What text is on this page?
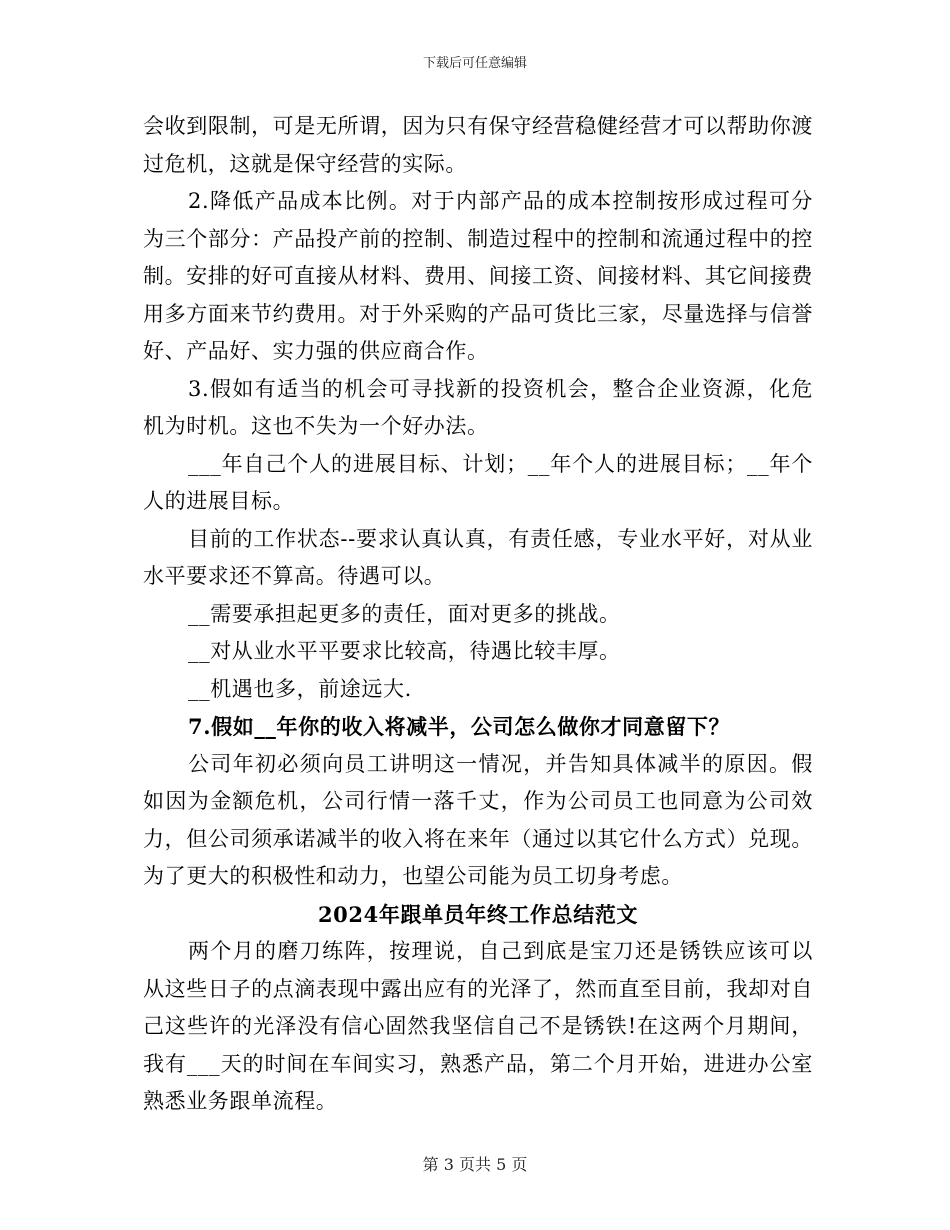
下载后可任意编辑

会收到限制，可是无所谓，因为只有保守经营稳健经营才可以帮助你渡过危机，这就是保守经营的实际。

2.降低产品成本比例。对于内部产品的成本控制按形成过程可分为三个部分：产品投产前的控制、制造过程中的控制和流通过程中的控制。安排的好可直接从材料、费用、间接工资、间接材料、其它间接费用多方面来节约费用。对于外采购的产品可货比三家，尽量选择与信誉好、产品好、实力强的供应商合作。

3.假如有适当的机会可寻找新的投资机会，整合企业资源，化危机为时机。这也不失为一个好办法。

___年自己个人的进展目标、计划；__年个人的进展目标；__年个人的进展目标。

目前的工作状态--要求认真认真，有责任感，专业水平好，对从业水平要求还不算高。待遇可以。

__需要承担起更多的责任，面对更多的挑战。

__对从业水平平要求比较高，待遇比较丰厚。

__机遇也多，前途远大.

7.假如__年你的收入将减半，公司怎么做你才同意留下？

公司年初必须向员工讲明这一情况，并告知具体减半的原因。假如因为金额危机，公司行情一落千丈，作为公司员工也同意为公司效力，但公司须承诺减半的收入将在来年（通过以其它什么方式）兑现。为了更大的积极性和动力，也望公司能为员工切身考虑。

2024年跟单员年终工作总结范文

两个月的磨刀练阵，按理说，自己到底是宝刀还是锈铁应该可以从这些日子的点滴表现中露出应有的光泽了，然而直至目前，我却对自己这些许的光泽没有信心固然我坚信自己不是锈铁!在这两个月期间，我有___天的时间在车间实习，熟悉产品，第二个月开始，进进办公室熟悉业务跟单流程。

第 3 页共 5 页
